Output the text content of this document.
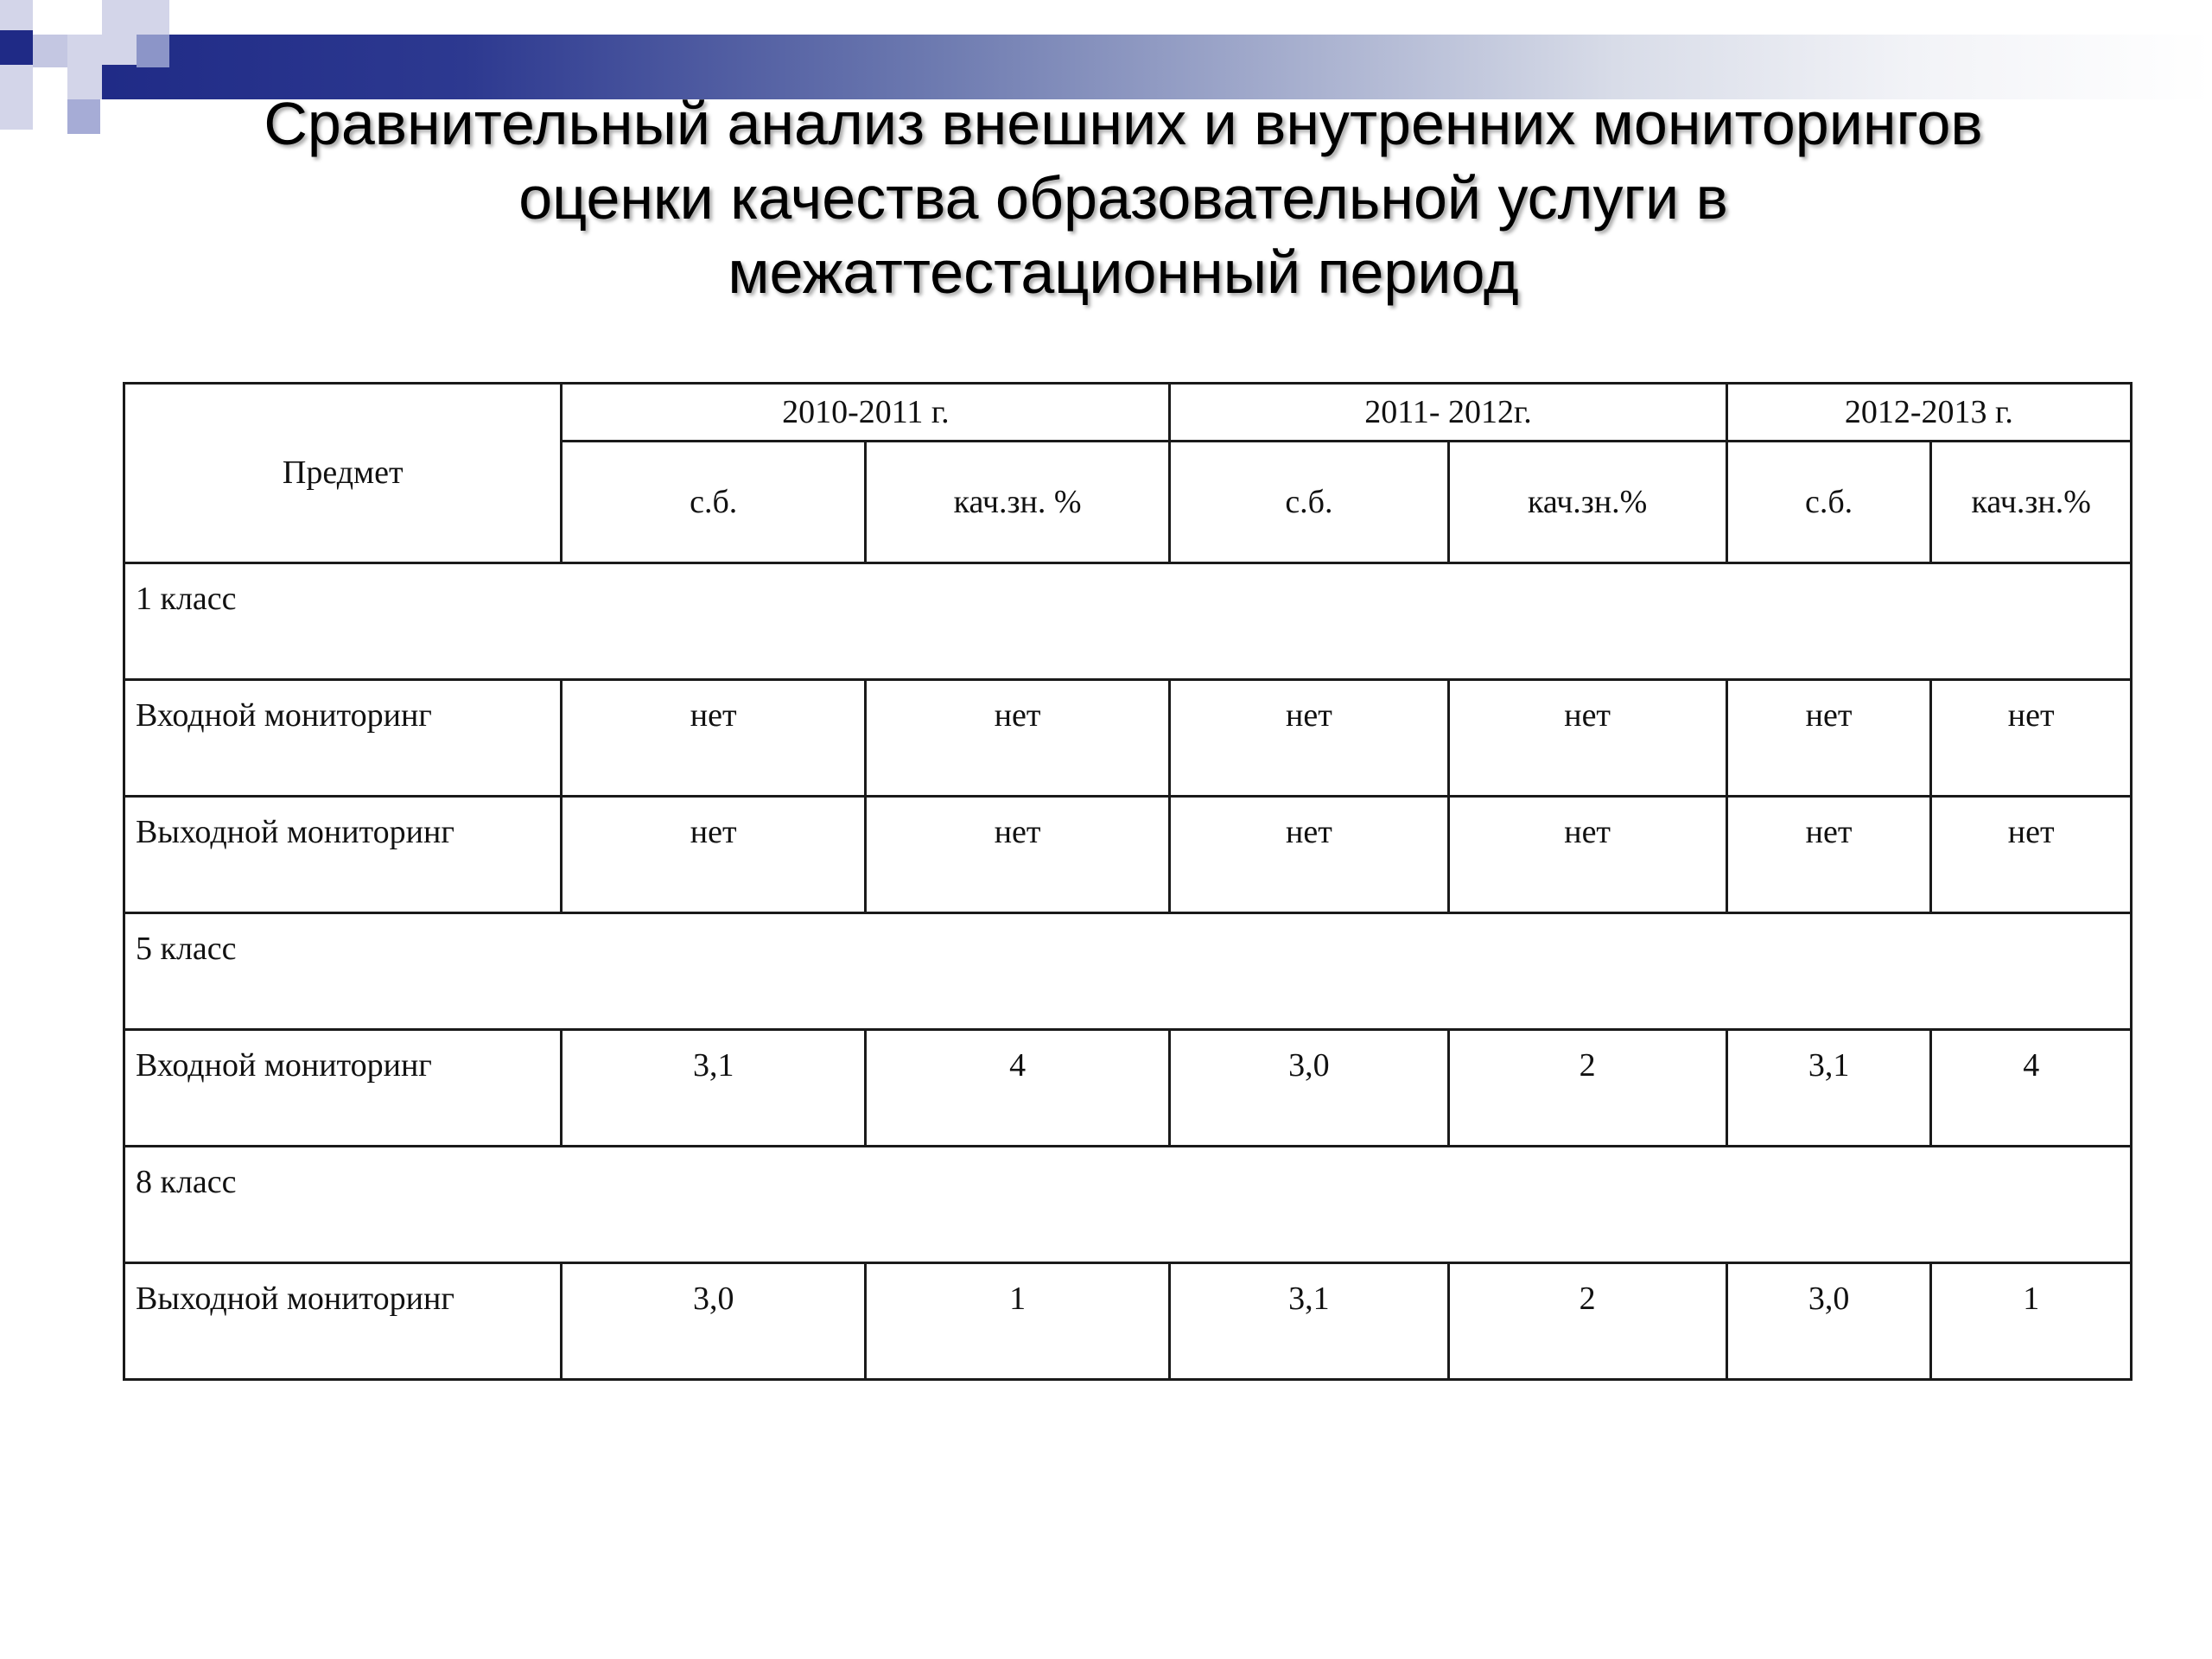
Сравнительный анализ внешних и внутренних мониторингов
оценки качества образовательной услуги в
межаттестационный период
Предмет	2010-2011 г.		2011- 2012г.		2012-2013 г.	
	с.б.	кач.зн. %	с.б.	кач.зн.%	с.б.	кач.зн.%
1 класс						
Входной мониторинг	нет	нет	нет	нет	нет	нет
Выходной мониторинг	нет	нет	нет	нет	нет	нет
5 класс						
Входной мониторинг	3,1	4	3,0	2	3,1	4
8 класс						
Выходной мониторинг	3,0	1	3,1	2	3,0	1
